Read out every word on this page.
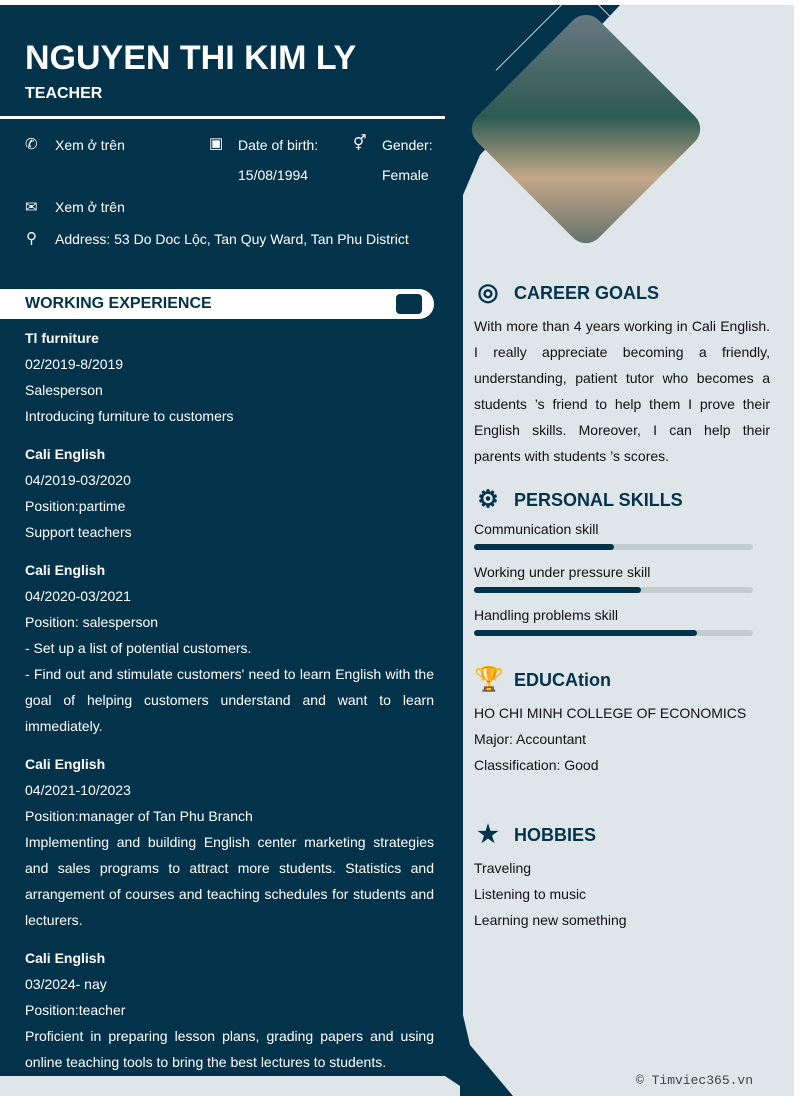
NGUYEN THI KIM LY
TEACHER
✆ Xem ở trên	▣ Date of birth:
15/08/1994
⚥ Gender:
Female
✉ Xem ở trên
⚲ Address: 53 Do Doc Lộc, Tan Quy Ward, Tan Phu District
WORKING EXPERIENCE
Tl furniture
02/2019-8/2019
Salesperson
Introducing furniture to customers
Cali English
04/2019-03/2020
Position:partime
Support teachers
Cali English
04/2020-03/2021
Position: salesperson
- Set up a list of potential customers.
- Find out and stimulate customers' need to learn English with the goal of helping customers understand and want to learn immediately.
Cali English
04/2021-10/2023
Position:manager of Tan Phu Branch
Implementing and building English center marketing strategies and sales programs to attract more students. Statistics and arrangement of courses and teaching schedules for students and lecturers.
Cali English
03/2024- nay
Position:teacher
Proficient in preparing lesson plans, grading papers and using online teaching tools to bring the best lectures to students.
◎ CAREER GOALS
With more than 4 years working in Cali English. I really appreciate becoming a friendly, understanding, patient tutor who becomes a students ’s friend to help them I prove their English skills. Moreover, I can help their parents with students ’s scores.
⚙ PERSONAL SKILLS
Communication skill
Working under pressure skill
Handling problems skill
🏆 EDUCAtion
HO CHI MINH COLLEGE OF ECONOMICS
Major: Accountant
Classification: Good
★ HOBBIES
Traveling
Listening to music
Learning new something
© Timviec365.vn
